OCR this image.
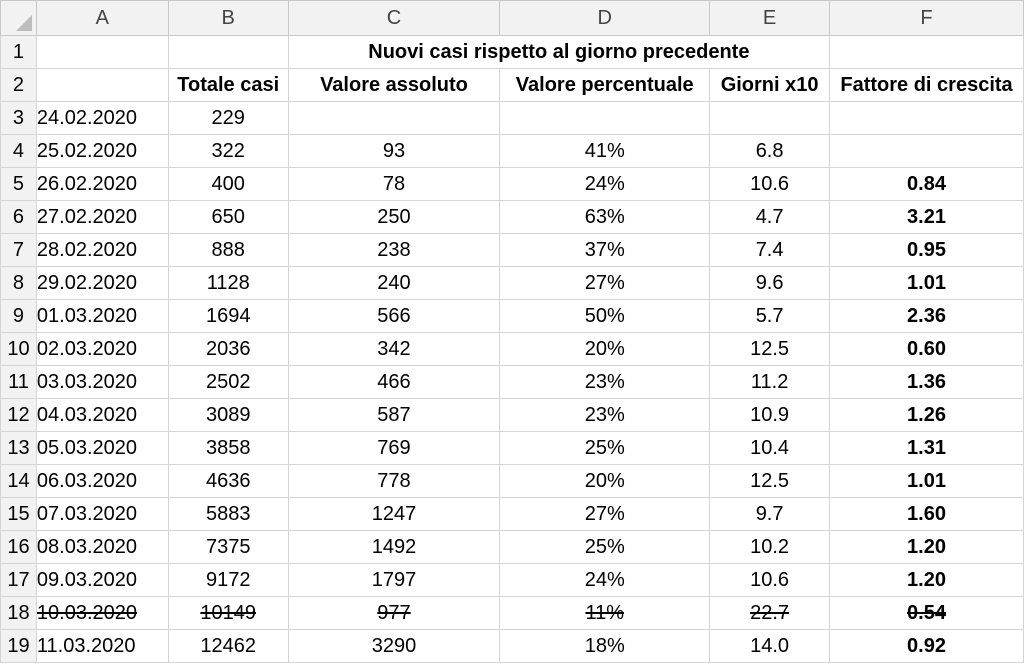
	A	B	C	D	E	F
1			Nuovi casi rispetto al giorno precedente			
2		Totale casi	Valore assoluto	Valore percentuale	Giorni x10	Fattore di crescita
3	24.02.2020	229				
4	25.02.2020	322	93	41%	6.8	
5	26.02.2020	400	78	24%	10.6	0.84
6	27.02.2020	650	250	63%	4.7	3.21
7	28.02.2020	888	238	37%	7.4	0.95
8	29.02.2020	1128	240	27%	9.6	1.01
9	01.03.2020	1694	566	50%	5.7	2.36
10	02.03.2020	2036	342	20%	12.5	0.60
11	03.03.2020	2502	466	23%	11.2	1.36
12	04.03.2020	3089	587	23%	10.9	1.26
13	05.03.2020	3858	769	25%	10.4	1.31
14	06.03.2020	4636	778	20%	12.5	1.01
15	07.03.2020	5883	1247	27%	9.7	1.60
16	08.03.2020	7375	1492	25%	10.2	1.20
17	09.03.2020	9172	1797	24%	10.6	1.20
18	10.03.2020	10149	977	11%	22.7	0.54
19	11.03.2020	12462	3290	18%	14.0	0.92
